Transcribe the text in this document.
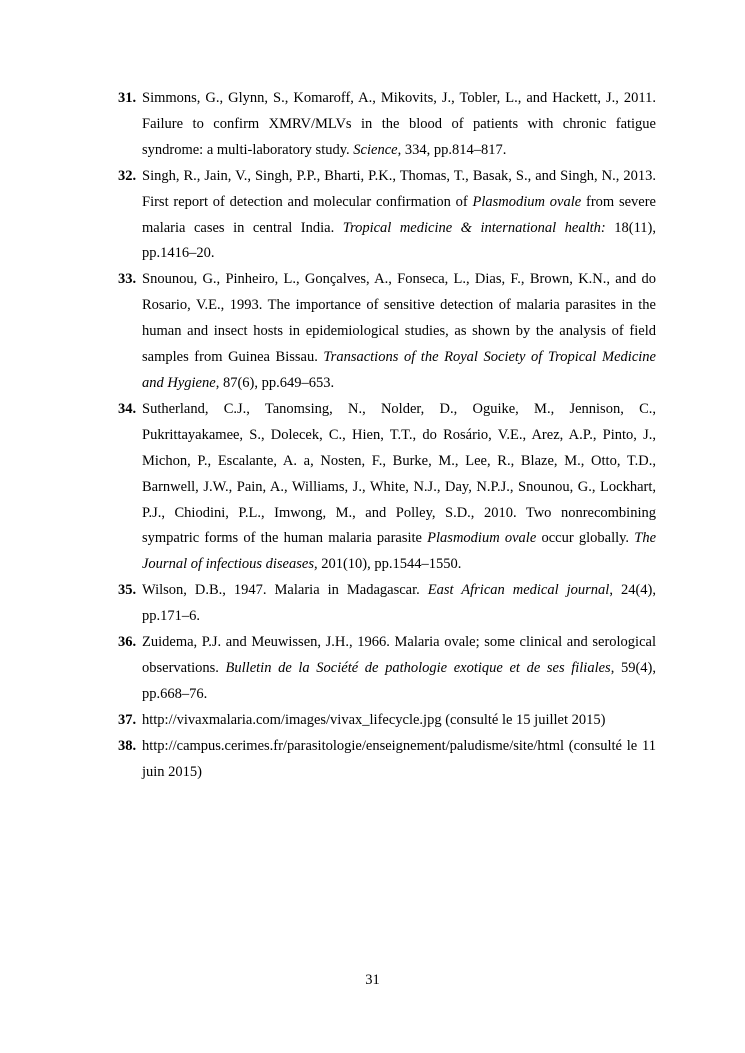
31. Simmons, G., Glynn, S., Komaroff, A., Mikovits, J., Tobler, L., and Hackett, J., 2011. Failure to confirm XMRV/MLVs in the blood of patients with chronic fatigue syndrome: a multi-laboratory study. Science, 334, pp.814–817.
32. Singh, R., Jain, V., Singh, P.P., Bharti, P.K., Thomas, T., Basak, S., and Singh, N., 2013. First report of detection and molecular confirmation of Plasmodium ovale from severe malaria cases in central India. Tropical medicine & international health: 18(11), pp.1416–20.
33. Snounou, G., Pinheiro, L., Gonçalves, A., Fonseca, L., Dias, F., Brown, K.N., and do Rosario, V.E., 1993. The importance of sensitive detection of malaria parasites in the human and insect hosts in epidemiological studies, as shown by the analysis of field samples from Guinea Bissau. Transactions of the Royal Society of Tropical Medicine and Hygiene, 87(6), pp.649–653.
34. Sutherland, C.J., Tanomsing, N., Nolder, D., Oguike, M., Jennison, C., Pukrittayakamee, S., Dolecek, C., Hien, T.T., do Rosário, V.E., Arez, A.P., Pinto, J., Michon, P., Escalante, A. a, Nosten, F., Burke, M., Lee, R., Blaze, M., Otto, T.D., Barnwell, J.W., Pain, A., Williams, J., White, N.J., Day, N.P.J., Snounou, G., Lockhart, P.J., Chiodini, P.L., Imwong, M., and Polley, S.D., 2010. Two nonrecombining sympatric forms of the human malaria parasite Plasmodium ovale occur globally. The Journal of infectious diseases, 201(10), pp.1544–1550.
35. Wilson, D.B., 1947. Malaria in Madagascar. East African medical journal, 24(4), pp.171–6.
36. Zuidema, P.J. and Meuwissen, J.H., 1966. Malaria ovale; some clinical and serological observations. Bulletin de la Société de pathologie exotique et de ses filiales, 59(4), pp.668–76.
37. http://vivaxmalaria.com/images/vivax_lifecycle.jpg (consulté le 15 juillet 2015)
38. http://campus.cerimes.fr/parasitologie/enseignement/paludisme/site/html (consulté le 11 juin 2015)
31
